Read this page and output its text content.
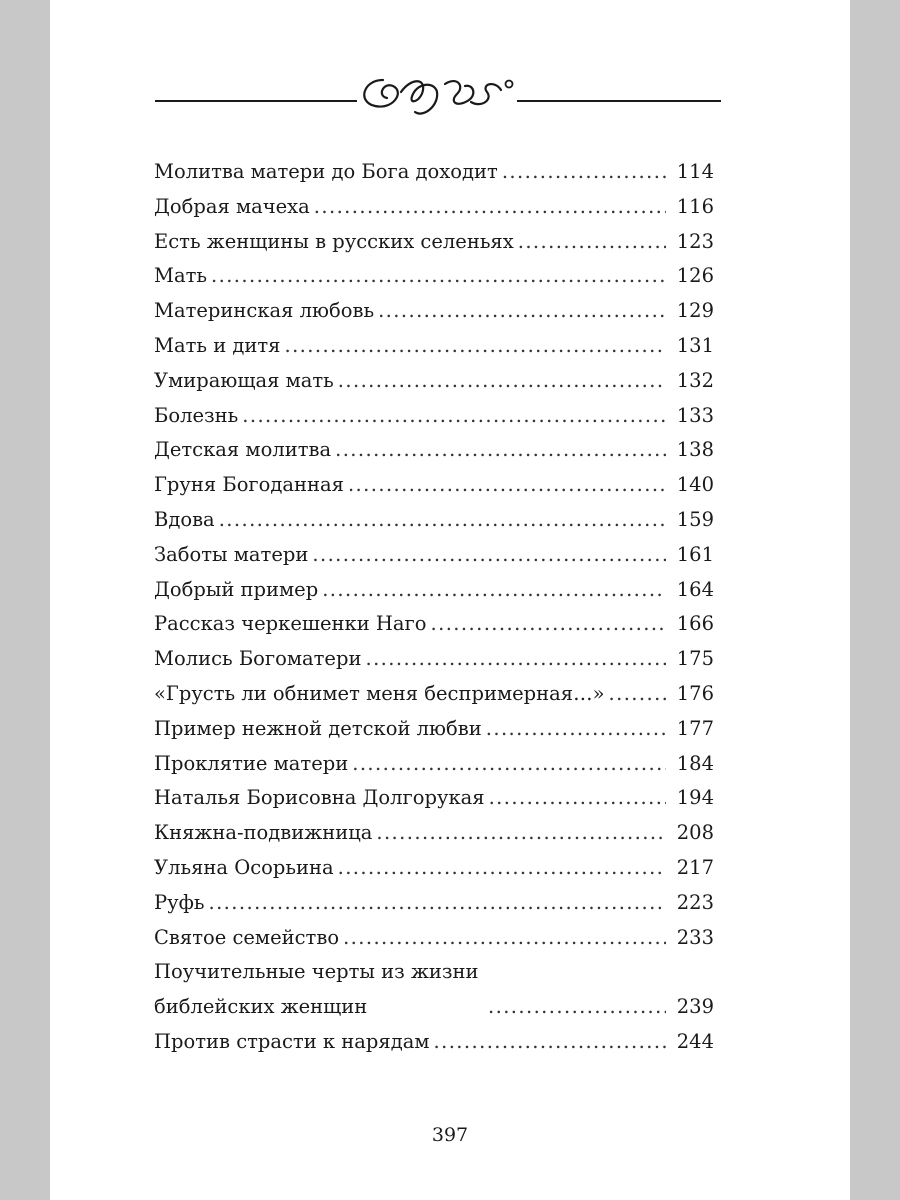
Молитва матери до Бога доходит . . .	114
Добрая мачеха . . .	116
Есть женщины в русских селеньях . . .	123
Мать . . .	126
Материнская любовь . . .	129
Мать и дитя . . .	131
Умирающая мать . . .	132
Болезнь . . .	133
Детская молитва . . .	138
Груня Богоданная . . .	140
Вдова . . .	159
Заботы матери . . .	161
Добрый пример . . .	164
Рассказ черкешенки Наго . . .	166
Молись Богоматери . . .	175
«Грусть ли обнимет меня беспримерная…» . . .	176
Пример нежной детской любви . . .	177
Проклятие матери . . .	184
Наталья Борисовна Долгорукая . . .	194
Княжна-подвижница . . .	208
Ульяна Осорьина . . .	217
Руфь . . .	223
Святое семейство . . .	233
Поучительные черты из жизни библейских женщин . . .	239
Против страсти к нарядам . . .	244
397
